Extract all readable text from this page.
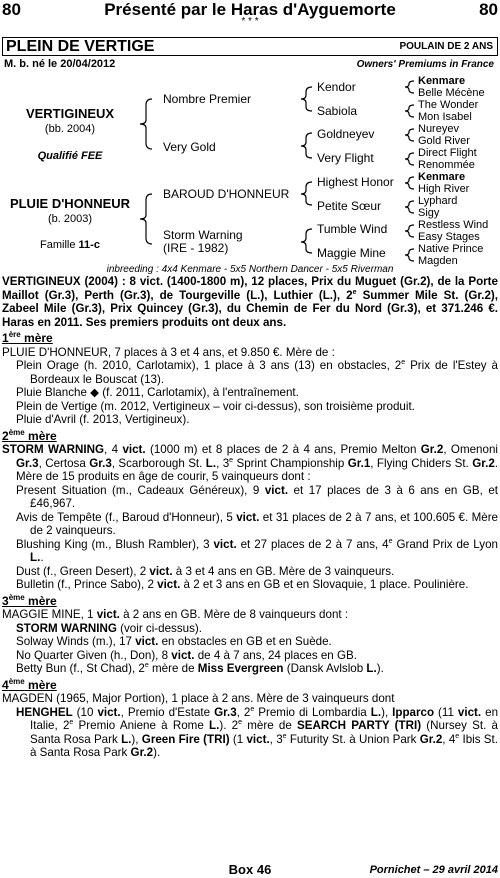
80	Présenté par le Haras d'Ayguemorte	80
* * *
PLEIN DE VERTIGE	POULAIN DE 2 ANS
M. b. né le 20/04/2012	Owners' Premiums in France
VERTIGINEUX
(bb. 2004)
Qualifié FEE
PLUIE D'HONNEUR
(b. 2003)
Famille 11-c
Nombre Premier
Very Gold
BAROUD D'HONNEUR
Storm Warning
(IRE - 1982)
Kendor
Sabiola
Goldneyev
Very Flight
Highest Honor
Petite Sœur
Tumble Wind
Maggie Mine
Kenmare
Belle Mécène
The Wonder
Mon Isabel
Nureyev
Gold River
Direct Flight
Renommée
Kenmare
High River
Lyphard
Sigy
Restless Wind
Easy Stages
Native Prince
Magden
inbreeding : 4x4 Kenmare - 5x5 Northern Dancer - 5x5 Riverman

VERTIGINEUX (2004) : 8 vict. (1400-1800 m), 12 places, Prix du Muguet (Gr.2), de la Porte Maillot (Gr.3), Perth (Gr.3), de Tourgeville (L.), Luthier (L.), 2e Summer Mile St. (Gr.2), Zabeel Mile (Gr.3), Prix Quincey (Gr.3), du Chemin de Fer du Nord (Gr.3), et 371.246 €. Haras en 2011. Ses premiers produits ont deux ans.

1ère mère

PLUIE D'HONNEUR, 7 places à 3 et 4 ans, et 9.850 €. Mère de :

Plein Orage (h. 2010, Carlotamix), 1 place à 3 ans (13) en obstacles, 2e Prix de l'Estey à Bordeaux le Bouscat (13).

Pluie Blanche ◆ (f. 2011, Carlotamix), à l'entraînement.

Plein de Vertige (m. 2012, Vertigineux – voir ci-dessus), son troisième produit.

Pluie d'Avril (f. 2013, Vertigineux).

2ème mère

STORM WARNING, 4 vict. (1000 m) et 8 places de 2 à 4 ans, Premio Melton Gr.2, Omenoni Gr.3, Certosa Gr.3, Scarborough St. L., 3e Sprint Championship Gr.1, Flying Chiders St. Gr.2. Mère de 15 produits en âge de courir, 5 vainqueurs dont :

Present Situation (m., Cadeaux Généreux), 9 vict. et 17 places de 3 à 6 ans en GB, et £46,967.

Avis de Tempête (f., Baroud d'Honneur), 5 vict. et 31 places de 2 à 7 ans, et 100.605 €. Mère de 2 vainqueurs.

Blushing King (m., Blush Rambler), 3 vict. et 27 places de 2 à 7 ans, 4e Grand Prix de Lyon L..

Dust (f., Green Desert), 2 vict. à 3 et 4 ans en GB. Mère de 3 vainqueurs.

Bulletin (f., Prince Sabo), 2 vict. à 2 et 3 ans en GB et en Slovaquie, 1 place. Poulinière.

3ème mère

MAGGIE MINE, 1 vict. à 2 ans en GB. Mère de 8 vainqueurs dont :

STORM WARNING (voir ci-dessus).

Solway Winds (m.), 17 vict. en obstacles en GB et en Suède.

No Quarter Given (h., Don), 8 vict. de 4 à 7 ans, 24 places en GB.

Betty Bun (f., St Chad), 2e mère de Miss Evergreen (Dansk Avlslob L.).

4ème mère

MAGDEN (1965, Major Portion), 1 place à 2 ans. Mère de 3 vainqueurs dont

HENGHEL (10 vict., Premio d'Estate Gr.3, 2e Premio di Lombardia L.), Ipparco (11 vict. en Italie, 2e Premio Aniene à Rome L.). 2e mère de SEARCH PARTY (TRI) (Nursey St. à Santa Rosa Park L.), Green Fire (TRI) (1 vict., 3e Futurity St. à Union Park Gr.2, 4e Ibis St. à Santa Rosa Park Gr.2).

Box 46	Pornichet – 29 avril 2014
